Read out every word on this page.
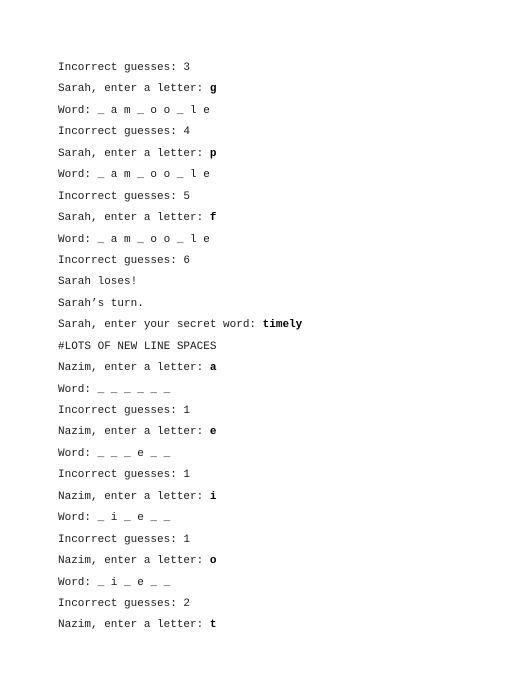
Incorrect guesses: 3
Sarah, enter a letter: g
Word: _ a m _ o o _ l e
Incorrect guesses: 4
Sarah, enter a letter: p
Word: _ a m _ o o _ l e
Incorrect guesses: 5
Sarah, enter a letter: f
Word: _ a m _ o o _ l e
Incorrect guesses: 6
Sarah loses!
Sarah’s turn.
Sarah, enter your secret word: timely
#LOTS OF NEW LINE SPACES
Nazim, enter a letter: a
Word: _ _ _ _ _ _
Incorrect guesses: 1
Nazim, enter a letter: e
Word: _ _ _ e _ _
Incorrect guesses: 1
Nazim, enter a letter: i
Word: _ i _ e _ _
Incorrect guesses: 1
Nazim, enter a letter: o
Word: _ i _ e _ _
Incorrect guesses: 2
Nazim, enter a letter: t
